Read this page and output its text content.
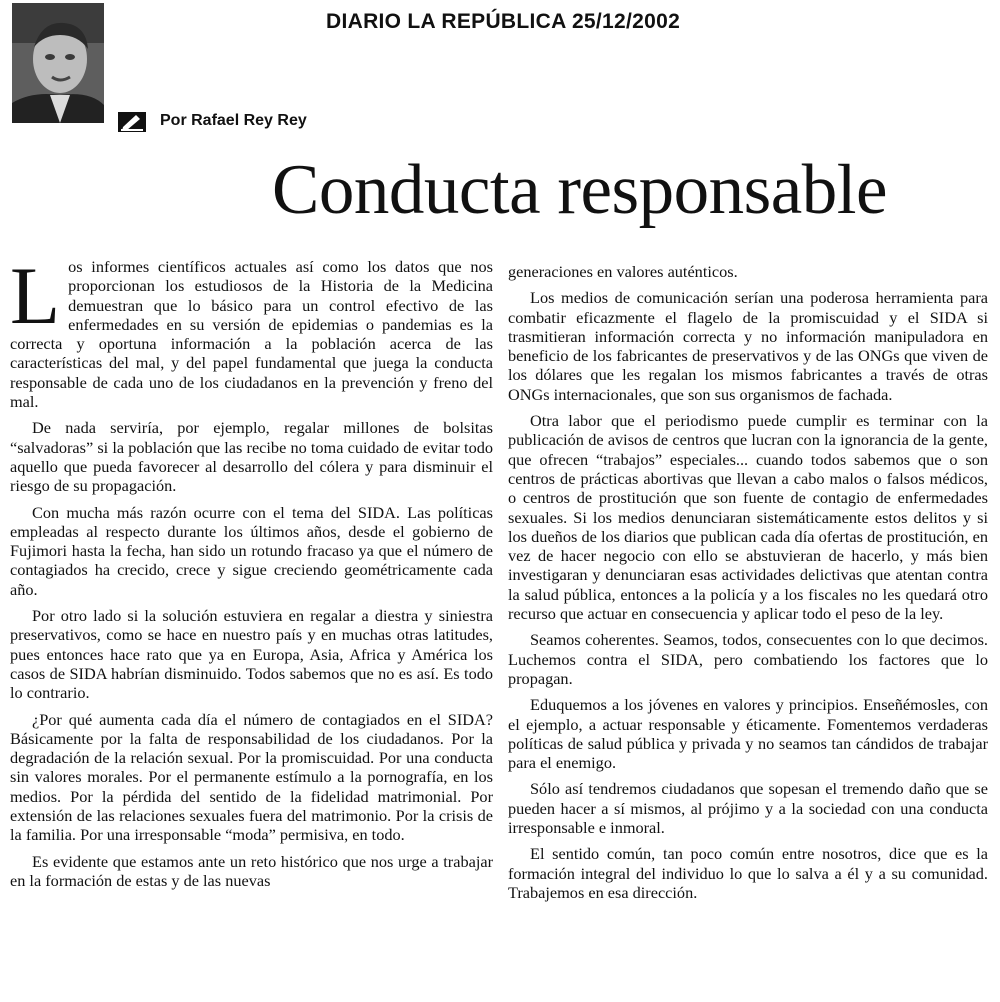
DIARIO LA REPÚBLICA 25/12/2002
Por Rafael Rey Rey
Conducta responsable

Los informes científicos actuales así como los datos que nos proporcionan los estudiosos de la Historia de la Medicina demuestran que lo básico para un control efectivo de las enfermedades en su versión de epidemias o pandemias es la correcta y oportuna información a la población acerca de las características del mal, y del papel fundamental que juega la conducta responsable de cada uno de los ciudadanos en la prevención y freno del mal.

De nada serviría, por ejemplo, regalar millones de bolsitas “salvadoras” si la población que las recibe no toma cuidado de evitar todo aquello que pueda favorecer al desarrollo del cólera y para disminuir el riesgo de su propagación.

Con mucha más razón ocurre con el tema del SIDA. Las políticas empleadas al respecto durante los últimos años, desde el gobierno de Fujimori hasta la fecha, han sido un rotundo fracaso ya que el número de contagiados ha crecido, crece y sigue creciendo geométricamente cada año.

Por otro lado si la solución estuviera en regalar a diestra y siniestra preservativos, como se hace en nuestro país y en muchas otras latitudes, pues entonces hace rato que ya en Europa, Asia, Africa y América los casos de SIDA habrían disminuido. Todos sabemos que no es así. Es todo lo contrario.

¿Por qué aumenta cada día el número de contagiados en el SIDA? Básicamente por la falta de responsabilidad de los ciudadanos. Por la degradación de la relación sexual. Por la promiscuidad. Por una conducta sin valores morales. Por el permanente estímulo a la pornografía, en los medios. Por la pérdida del sentido de la fidelidad matrimonial. Por extensión de las relaciones sexuales fuera del matrimonio. Por la crisis de la familia. Por una irresponsable “moda” permisiva, en todo.

Es evidente que estamos ante un reto histórico que nos urge a trabajar en la formación de estas y de las nuevas

generaciones en valores auténticos.

Los medios de comunicación serían una poderosa herramienta para combatir eficazmente el flagelo de la promiscuidad y el SIDA si trasmitieran información correcta y no información manipuladora en beneficio de los fabricantes de preservativos y de las ONGs que viven de los dólares que les regalan los mismos fabricantes a través de otras ONGs internacionales, que son sus organismos de fachada.

Otra labor que el periodismo puede cumplir es terminar con la publicación de avisos de centros que lucran con la ignorancia de la gente, que ofrecen “trabajos” especiales... cuando todos sabemos que o son centros de prácticas abortivas que llevan a cabo malos o falsos médicos, o centros de prostitución que son fuente de contagio de enfermedades sexuales. Si los medios denunciaran sistemáticamente estos delitos y si los dueños de los diarios que publican cada día ofertas de prostitución, en vez de hacer negocio con ello se abstuvieran de hacerlo, y más bien investigaran y denunciaran esas actividades delictivas que atentan contra la salud pública, entonces a la policía y a los fiscales no les quedará otro recurso que actuar en consecuencia y aplicar todo el peso de la ley.

Seamos coherentes. Seamos, todos, consecuentes con lo que decimos. Luchemos contra el SIDA, pero combatiendo los factores que lo propagan.

Eduquemos a los jóvenes en valores y principios. Enseñémosles, con el ejemplo, a actuar responsable y éticamente. Fomentemos verdaderas políticas de salud pública y privada y no seamos tan cándidos de trabajar para el enemigo.

Sólo así tendremos ciudadanos que sopesan el tremendo daño que se pueden hacer a sí mismos, al prójimo y a la sociedad con una conducta irresponsable e inmoral.

El sentido común, tan poco común entre nosotros, dice que es la formación integral del individuo lo que lo salva a él y a su comunidad. Trabajemos en esa dirección.
